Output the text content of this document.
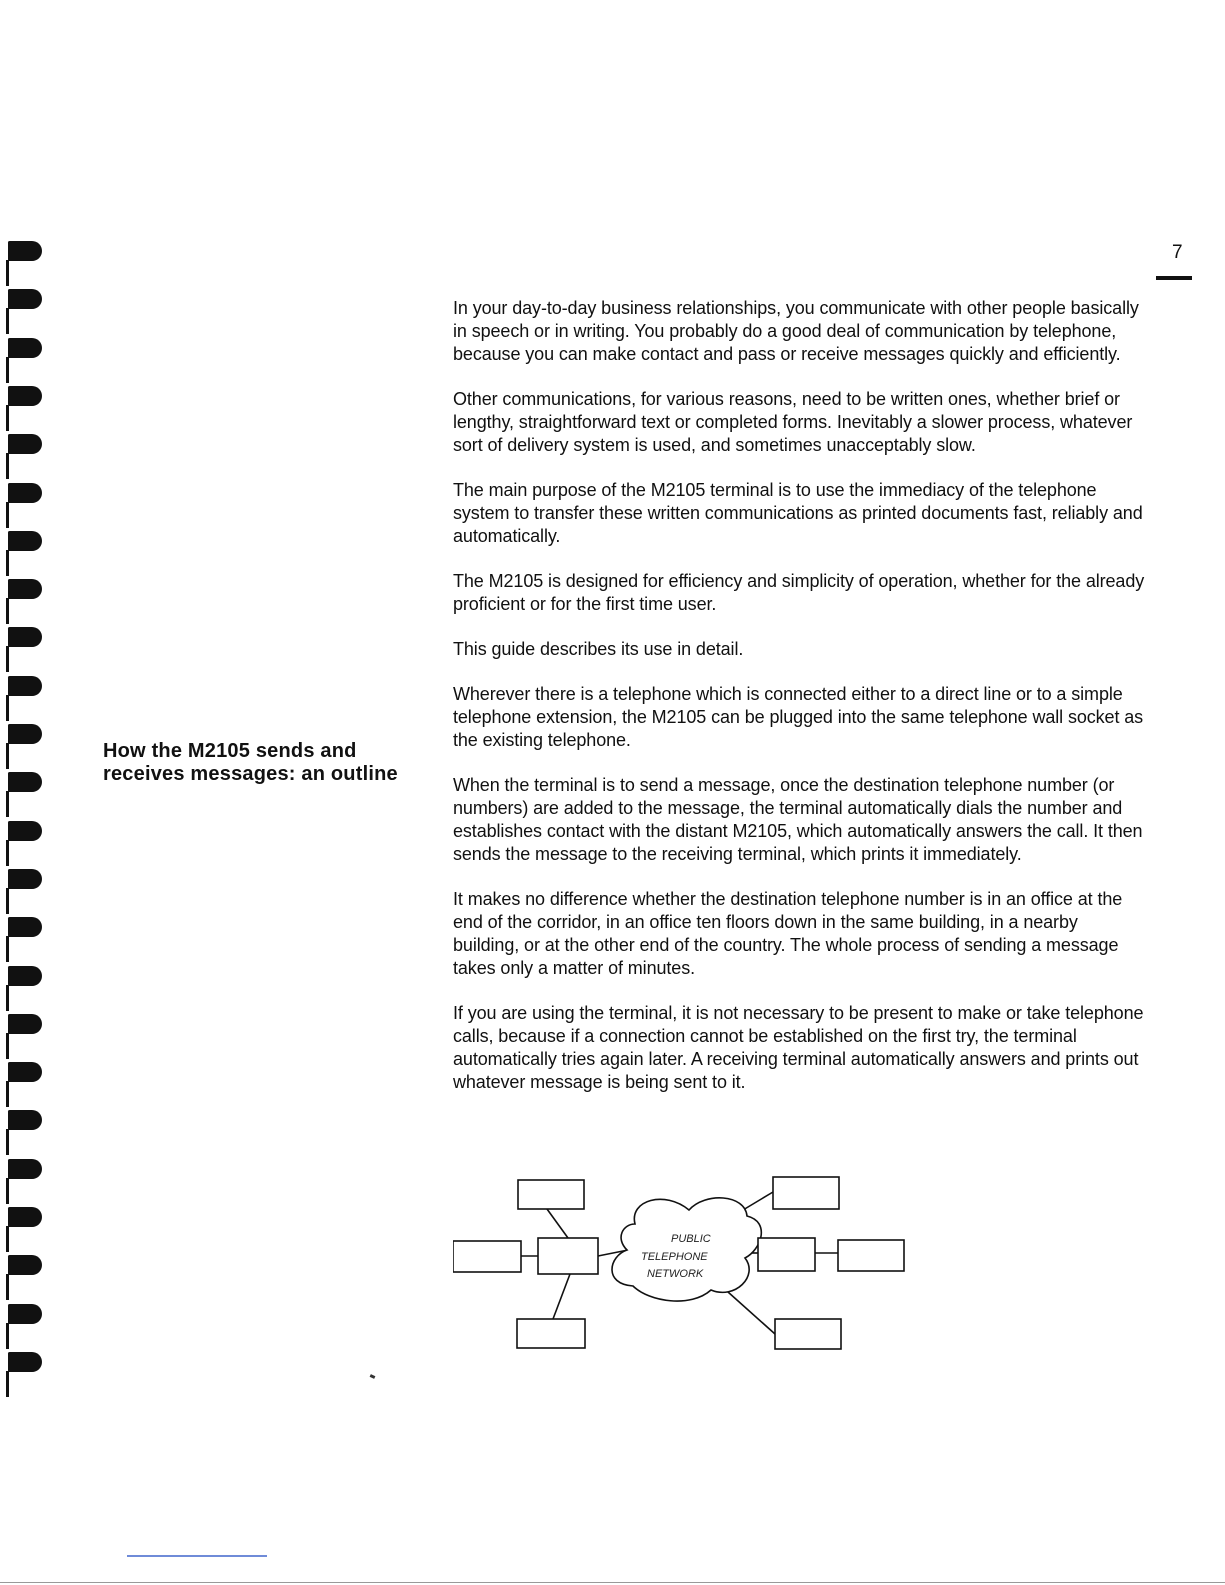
7
How the M2105 sends and receives messages: an outline

In your day-to-day business relationships, you communicate with other people basically in speech or in writing. You probably do a good deal of communication by telephone, because you can make contact and pass or receive messages quickly and efficiently.

Other communications, for various reasons, need to be written ones, whether brief or lengthy, straightforward text or completed forms. Inevitably a slower process, whatever sort of delivery system is used, and sometimes unacceptably slow.

The main purpose of the M2105 terminal is to use the immediacy of the telephone system to transfer these written communications as printed documents fast, reliably and automatically.

The M2105 is designed for efficiency and simplicity of operation, whether for the already proficient or for the first time user.

This guide describes its use in detail.

Wherever there is a telephone which is connected either to a direct line or to a simple telephone extension, the M2105 can be plugged into the same telephone wall socket as the existing telephone.

When the terminal is to send a message, once the destination telephone number (or numbers) are added to the message, the terminal automatically dials the number and establishes contact with the distant M2105, which automatically answers the call. It then sends the message to the receiving terminal, which prints it immediately.

It makes no difference whether the destination telephone number is in an office at the end of the corridor, in an office ten floors down in the same building, in a nearby building, or at the other end of the country. The whole process of sending a message takes only a matter of minutes.

If you are using the terminal, it is not necessary to be present to make or take telephone calls, because if a connection cannot be established on the first try, the terminal automatically tries again later. A receiving terminal automatically answers and prints out whatever message is being sent to it.

PUBLIC
TELEPHONE
NETWORK
